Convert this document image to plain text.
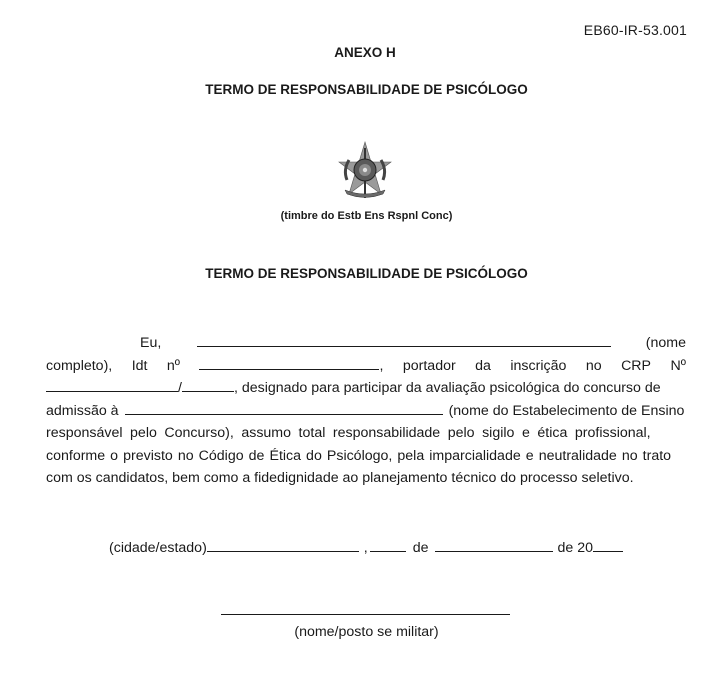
EB60-IR-53.001
ANEXO H
TERMO DE RESPONSABILIDADE DE PSICÓLOGO
(timbre do Estb Ens Rspnl Conc)
TERMO DE RESPONSABILIDADE DE PSICÓLOGO
Eu,	(nome
completo), Idt nº	, portador da inscrição no CRP Nº
/	, designado para participar da avaliação psicológica do concurso de
admissão à	(nome do Estabelecimento de Ensino
responsável pelo Concurso), assumo total responsabilidade pelo sigilo e ética profissional,
conforme o previsto no Código de Ética do Psicólogo, pela imparcialidade e neutralidade no trato
com os candidatos, bem como a fidedignidade ao planejamento técnico do processo seletivo.
(cidade/estado)	,	de	de 20
(nome/posto se militar)
